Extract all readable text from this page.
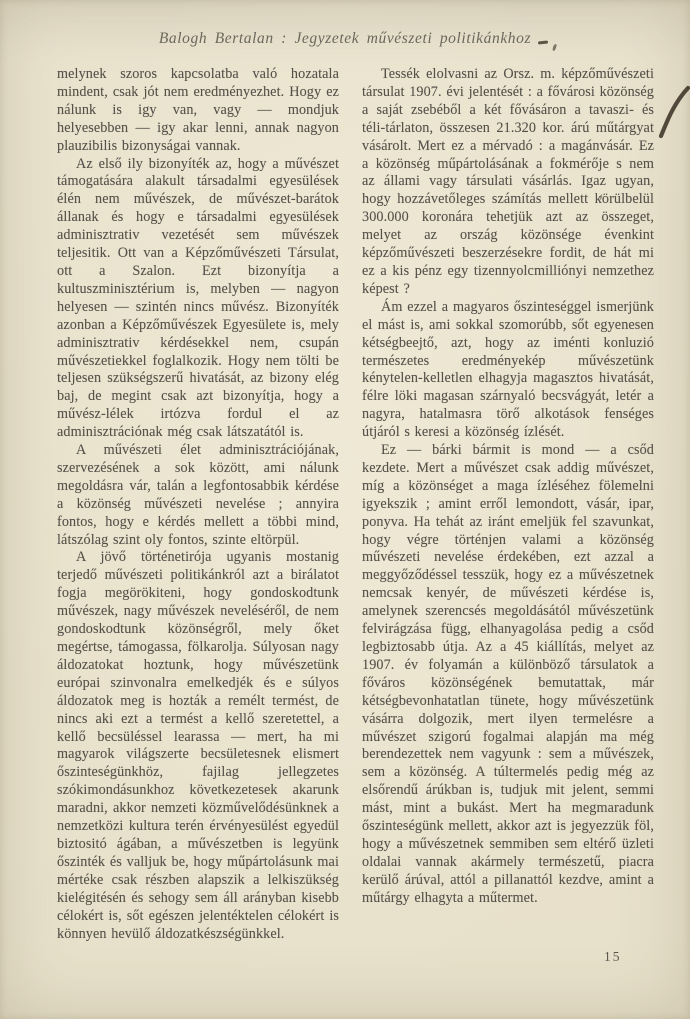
Balogh Bertalan : Jegyzetek művészeti politikánkhoz

melynek szoros kapcsolatba való hozatala mindent, csak jót nem eredményezhet. Hogy ez nálunk is igy van, vagy — mondjuk helyesebben — igy akar lenni, annak nagyon plauzibilis bizonyságai vannak.

Az első ily bizonyíték az, hogy a művészet támogatására alakult társadalmi egyesülések élén nem művészek, de művészet-barátok állanak és hogy e társadalmi egyesülések adminisztrativ vezetését sem művészek teljesitik. Ott van a Képzőművészeti Társulat, ott a Szalon. Ezt bizonyítja a kultuszminisztérium is, melyben — nagyon helyesen — szintén nincs művész. Bizonyíték azonban a Képzőművészek Egyesülete is, mely adminisztrativ kérdésekkel nem, csupán művészetiekkel foglalkozik. Hogy nem tölti be teljesen szükségszerű hivatását, az bizony elég baj, de megint csak azt bizonyítja, hogy a művész-lélek irtózva fordul el az adminisztrációnak még csak látszatától is.

A művészeti élet adminisztrációjának, szervezésének a sok között, ami nálunk megoldásra vár, talán a legfontosabbik kérdése a közönség művészeti nevelése ; annyira fontos, hogy e kérdés mellett a többi mind, látszólag szint oly fontos, szinte eltörpül.

A jövő történetirója ugyanis mostanig terjedő művészeti politikánkról azt a birálatot fogja megörökiteni, hogy gondoskodtunk művészek, nagy művészek neveléséről, de nem gondoskodtunk közönségről, mely őket megértse, támogassa, fölkarolja. Súlyosan nagy áldozatokat hoztunk, hogy művészetünk európai szinvonalra emelkedjék és e súlyos áldozatok meg is hozták a remélt termést, de nincs aki ezt a termést a kellő szeretettel, a kellő becsüléssel learassa — mert, ha mi magyarok világszerte becsületesnek elismert őszinteségünkhöz, fajilag jellegzetes szókimondásunkhoz következetesek akarunk maradni, akkor nemzeti közművelődésünknek a nemzetközi kultura terén érvényesülést egyedül biztositó ágában, a művészetben is legyünk őszinték és valljuk be, hogy műpártolásunk mai mértéke csak részben alapszik a lelkiszükség kielégitésén és sehogy sem áll arányban kisebb célokért is, sőt egészen jelentéktelen célokért is könnyen hevülő áldozatkészségünkkel.

Tessék elolvasni az Orsz. m. képzőművészeti társulat 1907. évi jelentését : a fővárosi közönség a saját zsebéből a két fővásáron a tavaszi- és téli-tárlaton, összesen 21.320 kor. árú műtárgyat vásárolt. Mert ez a mérvadó : a magánvásár. Ez a közönség műpártolásának a fokmérője s nem az állami vagy társulati vásárlás. Igaz ugyan, hogy hozzávetőleges számítás mellett körülbelül 300.000 koronára tehetjük azt az összeget, melyet az ország közönsége évenkint képzőművészeti beszerzésekre fordit, de hát mi ez a kis pénz egy tizennyolcmilliónyi nemzethez képest ?

Ám ezzel a magyaros őszinteséggel ismerjünk el mást is, ami sokkal szomorúbb, sőt egyenesen kétségbeejtő, azt, hogy az iménti konluzió természetes eredményekép művészetünk kénytelen-kelletlen elhagyja magasztos hivatását, félre löki magasan szárnyaló becsvágyát, letér a nagyra, hatalmasra törő alkotások fenséges útjáról s keresi a közönség ízlését.

Ez — bárki bármit is mond — a csőd kezdete. Mert a művészet csak addig művészet, míg a közönséget a maga ízléséhez fölemelni igyekszik ; amint erről lemondott, vásár, ipar, ponyva. Ha tehát az iránt emeljük fel szavunkat, hogy végre történjen valami a közönség művészeti nevelése érdekében, ezt azzal a meggyőződéssel tesszük, hogy ez a művészetnek nemcsak kenyér, de művészeti kérdése is, amelynek szerencsés megoldásától művészetünk felvirágzása függ, elhanyagolása pedig a csőd legbiztosabb útja. Az a 45 kiállítás, melyet az 1907. év folyamán a különböző társulatok a főváros közönségének bemutattak, már kétségbevonhatatlan tünete, hogy művészetünk vásárra dolgozik, mert ilyen termelésre a művészet szigorú fogalmai alapján ma még berendezettek nem vagyunk : sem a művészek, sem a közönség. A túltermelés pedig még az elsőrendű árúkban is, tudjuk mit jelent, semmi mást, mint a bukást. Mert ha megmaradunk őszinteségünk mellett, akkor azt is jegyezzük föl, hogy a művészetnek semmiben sem eltérő üzleti oldalai vannak akármely természetű, piacra kerülő árúval, attól a pillanattól kezdve, amint a műtárgy elhagyta a műtermet.

15
